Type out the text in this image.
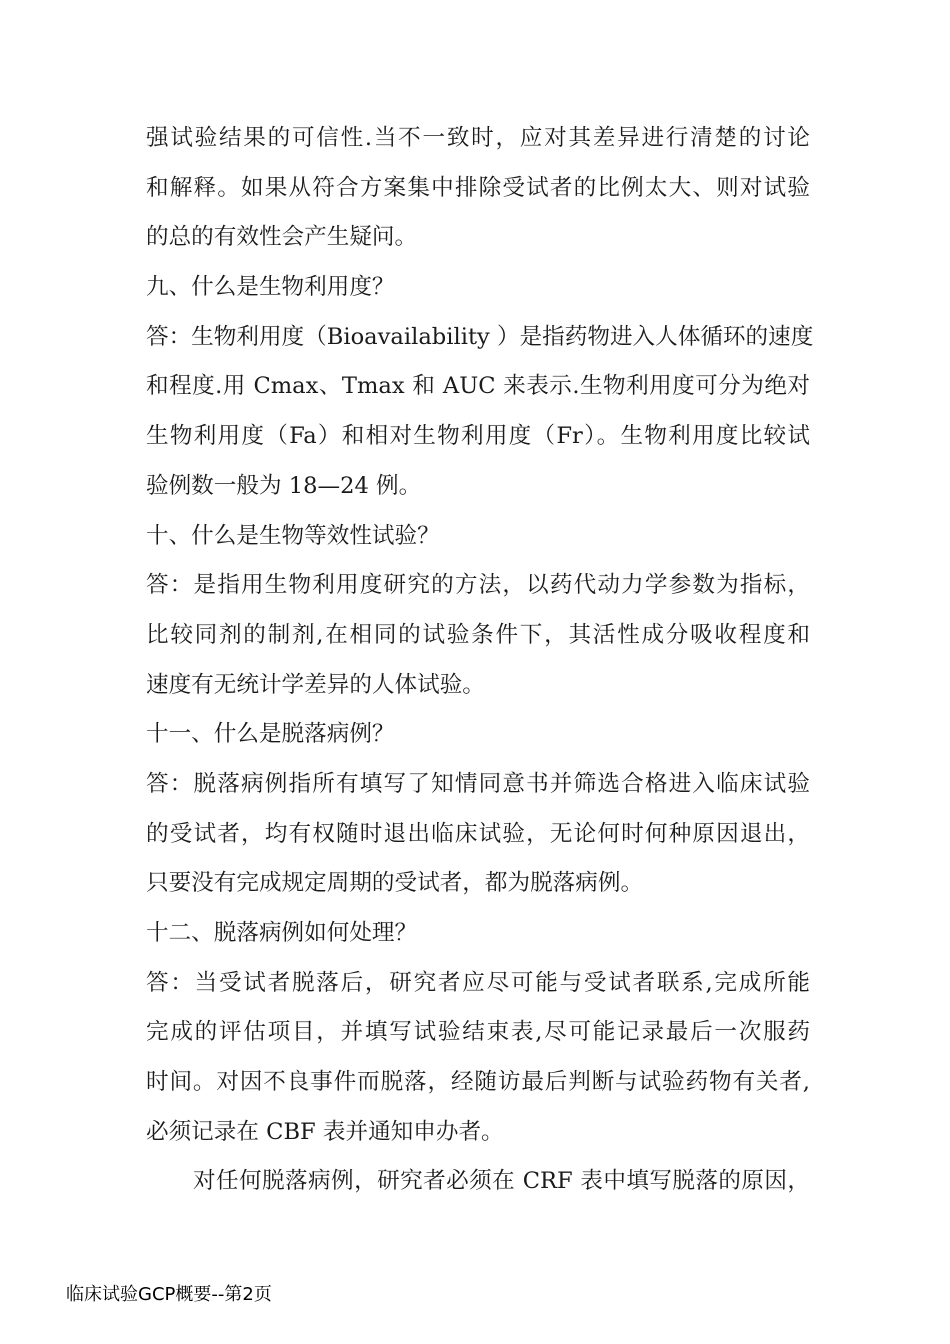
强试验结果的可信性.当不一致时，应对其差异进行清楚的讨论
和解释。如果从符合方案集中排除受试者的比例太大、则对试验
的总的有效性会产生疑问。
九、什么是生物利用度？
答：生物利用度（Bioavailability ）是指药物进入人体循环的速度
和程度.用 Cmax、Tmax 和 AUC 来表示.生物利用度可分为绝对
生物利用度（Fa）和相对生物利用度（Fr）。生物利用度比较试
验例数一般为 18—24 例。
十、什么是生物等效性试验？
答：是指用生物利用度研究的方法，以药代动力学参数为指标，
比较同剂的制剂,在相同的试验条件下，其活性成分吸收程度和
速度有无统计学差异的人体试验。
十一、什么是脱落病例？
答：脱落病例指所有填写了知情同意书并筛选合格进入临床试验
的受试者，均有权随时退出临床试验，无论何时何种原因退出，
只要没有完成规定周期的受试者，都为脱落病例。
十二、脱落病例如何处理？
答：当受试者脱落后，研究者应尽可能与受试者联系,完成所能
完成的评估项目，并填写试验结束表,尽可能记录最后一次服药
时间。对因不良事件而脱落，经随访最后判断与试验药物有关者,
必须记录在 CBF 表并通知申办者。
对任何脱落病例，研究者必须在 CRF 表中填写脱落的原因，
临床试验GCP概要--第2页
